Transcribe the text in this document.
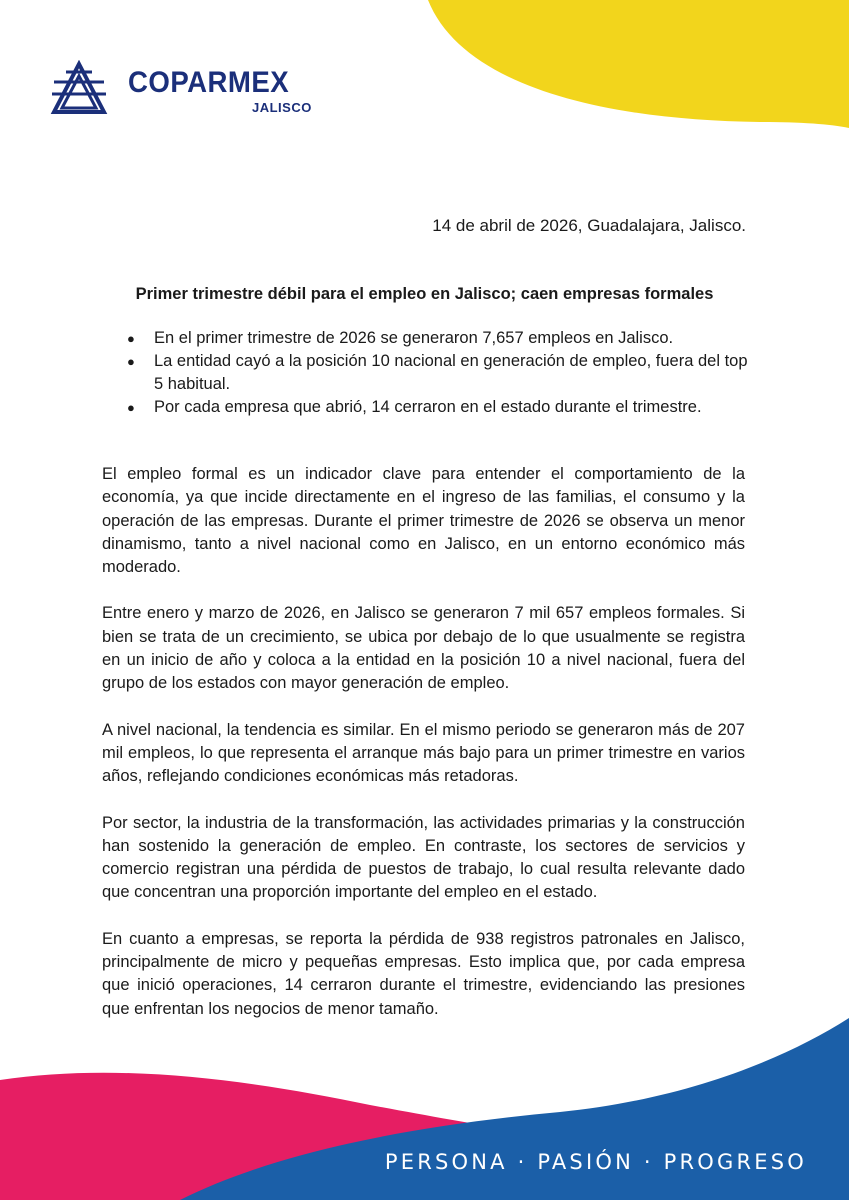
COPARMEX
JALISCO
14 de abril de 2026, Guadalajara, Jalisco.
Primer trimestre débil para el empleo en Jalisco; caen empresas formales
● En el primer trimestre de 2026 se generaron 7,657 empleos en Jalisco.
● La entidad cayó a la posición 10 nacional en generación de empleo, fuera del top 5 habitual.
● Por cada empresa que abrió, 14 cerraron en el estado durante el trimestre.

El empleo formal es un indicador clave para entender el comportamiento de la economía, ya que incide directamente en el ingreso de las familias, el consumo y la operación de las empresas. Durante el primer trimestre de 2026 se observa un menor dinamismo, tanto a nivel nacional como en Jalisco, en un entorno económico más moderado.

Entre enero y marzo de 2026, en Jalisco se generaron 7 mil 657 empleos formales. Si bien se trata de un crecimiento, se ubica por debajo de lo que usualmente se registra en un inicio de año y coloca a la entidad en la posición 10 a nivel nacional, fuera del grupo de los estados con mayor generación de empleo.

A nivel nacional, la tendencia es similar. En el mismo periodo se generaron más de 207 mil empleos, lo que representa el arranque más bajo para un primer trimestre en varios años, reflejando condiciones económicas más retadoras.

Por sector, la industria de la transformación, las actividades primarias y la construcción han sostenido la generación de empleo. En contraste, los sectores de servicios y comercio registran una pérdida de puestos de trabajo, lo cual resulta relevante dado que concentran una proporción importante del empleo en el estado.

En cuanto a empresas, se reporta la pérdida de 938 registros patronales en Jalisco, principalmente de micro y pequeñas empresas. Esto implica que, por cada empresa que inició operaciones, 14 cerraron durante el trimestre, evidenciando las presiones que enfrentan los negocios de menor tamaño.

PERSONA · PASIÓN · PROGRESO
